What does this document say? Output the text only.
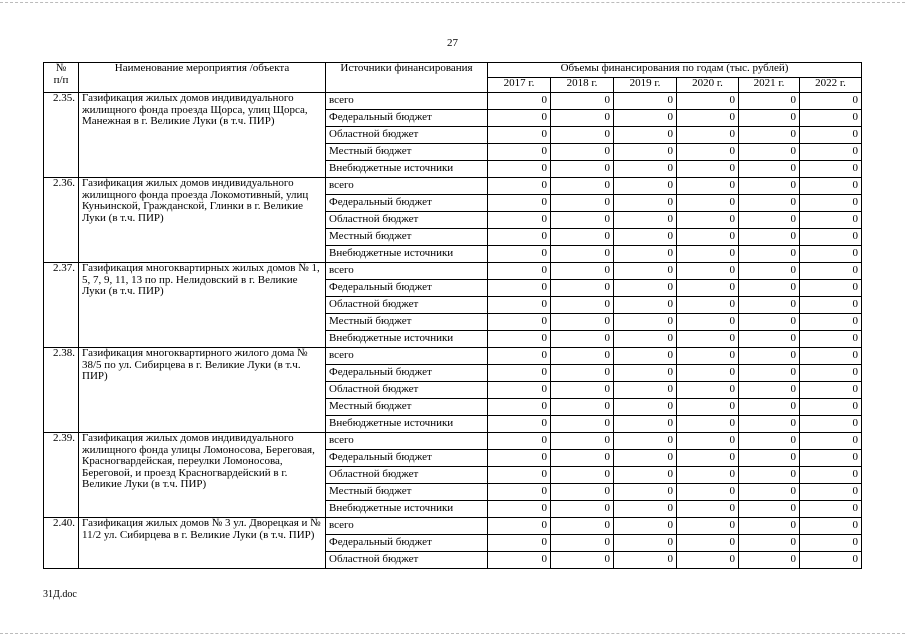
27
№
п/п	Наименование мероприятия /объекта	Источники финансирования	Объемы финансирования по годам (тыс. рублей)					
			2017 г.	2018 г.	2019 г.	2020 г.	2021 г.	2022 г.
2.35.	Газификация жилых домов индивидуального жилищного фонда проезда Щорса, улиц Щорса, Манежная в г. Великие Луки (в т.ч. ПИР)	всего	0	0	0	0	0	0
		Федеральный бюджет	0	0	0	0	0	0
		Областной бюджет	0	0	0	0	0	0
		Местный бюджет	0	0	0	0	0	0
		Внебюджетные источники	0	0	0	0	0	0
2.36.	Газификация жилых домов индивидуального жилищного фонда проезда Локомотивный, улиц Куньинской, Гражданской, Глинки в г. Великие Луки (в т.ч. ПИР)	всего	0	0	0	0	0	0
		Федеральный бюджет	0	0	0	0	0	0
		Областной бюджет	0	0	0	0	0	0
		Местный бюджет	0	0	0	0	0	0
		Внебюджетные источники	0	0	0	0	0	0
2.37.	Газификация многоквартирных жилых домов № 1, 5, 7, 9, 11, 13 по пр. Нелидовский в г. Великие Луки (в т.ч. ПИР)	всего	0	0	0	0	0	0
		Федеральный бюджет	0	0	0	0	0	0
		Областной бюджет	0	0	0	0	0	0
		Местный бюджет	0	0	0	0	0	0
		Внебюджетные источники	0	0	0	0	0	0
2.38.	Газификация многоквартирного жилого дома № 38/5 по ул. Сибирцева в г. Великие Луки (в т.ч. ПИР)	всего	0	0	0	0	0	0
		Федеральный бюджет	0	0	0	0	0	0
		Областной бюджет	0	0	0	0	0	0
		Местный бюджет	0	0	0	0	0	0
		Внебюджетные источники	0	0	0	0	0	0
2.39.	Газификация жилых домов индивидуального жилищного фонда улицы Ломоносова, Береговая, Красногвардейская, переулки Ломоносова, Береговой, и проезд Красногвардейский в г. Великие Луки (в т.ч. ПИР)	всего	0	0	0	0	0	0
		Федеральный бюджет	0	0	0	0	0	0
		Областной бюджет	0	0	0	0	0	0
		Местный бюджет	0	0	0	0	0	0
		Внебюджетные источники	0	0	0	0	0	0
2.40.	Газификация жилых домов № 3 ул. Дворецкая и № 11/2 ул. Сибирцева в г. Великие Луки (в т.ч. ПИР)	всего	0	0	0	0	0	0
		Федеральный бюджет	0	0	0	0	0	0
		Областной бюджет	0	0	0	0	0	0
31Д.doc
